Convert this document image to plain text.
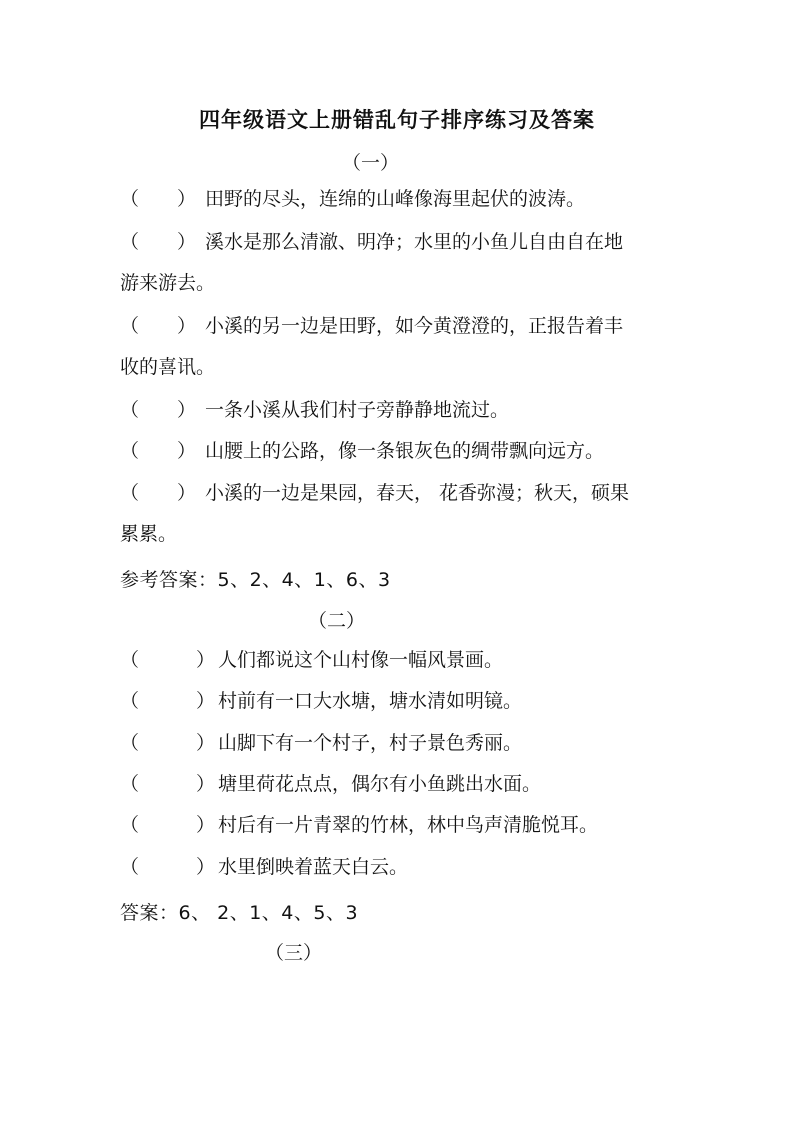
四年级语文上册错乱句子排序练习及答案
（一）
（　　） 田野的尽头，连绵的山峰像海里起伏的波涛。
（　　） 溪水是那么清澈、明净；水里的小鱼儿自由自在地
游来游去。
（　　） 小溪的另一边是田野，如今黄澄澄的，正报告着丰
收的喜讯。
（　　） 一条小溪从我们村子旁静静地流过。
（　　） 山腰上的公路，像一条银灰色的绸带飘向远方。
（　　） 小溪的一边是果园，春天， 花香弥漫；秋天，硕果
累累。
参考答案：5、2、4、1、6、3
（二）
（　　　） 人们都说这个山村像一幅风景画。
（　　　） 村前有一口大水塘，塘水清如明镜。
（　　　） 山脚下有一个村子，村子景色秀丽。
（　　　） 塘里荷花点点，偶尔有小鱼跳出水面。
（　　　） 村后有一片青翠的竹林，林中鸟声清脆悦耳。
（　　　） 水里倒映着蓝天白云。
答案：6、 2、1、4、5、3
（三）
